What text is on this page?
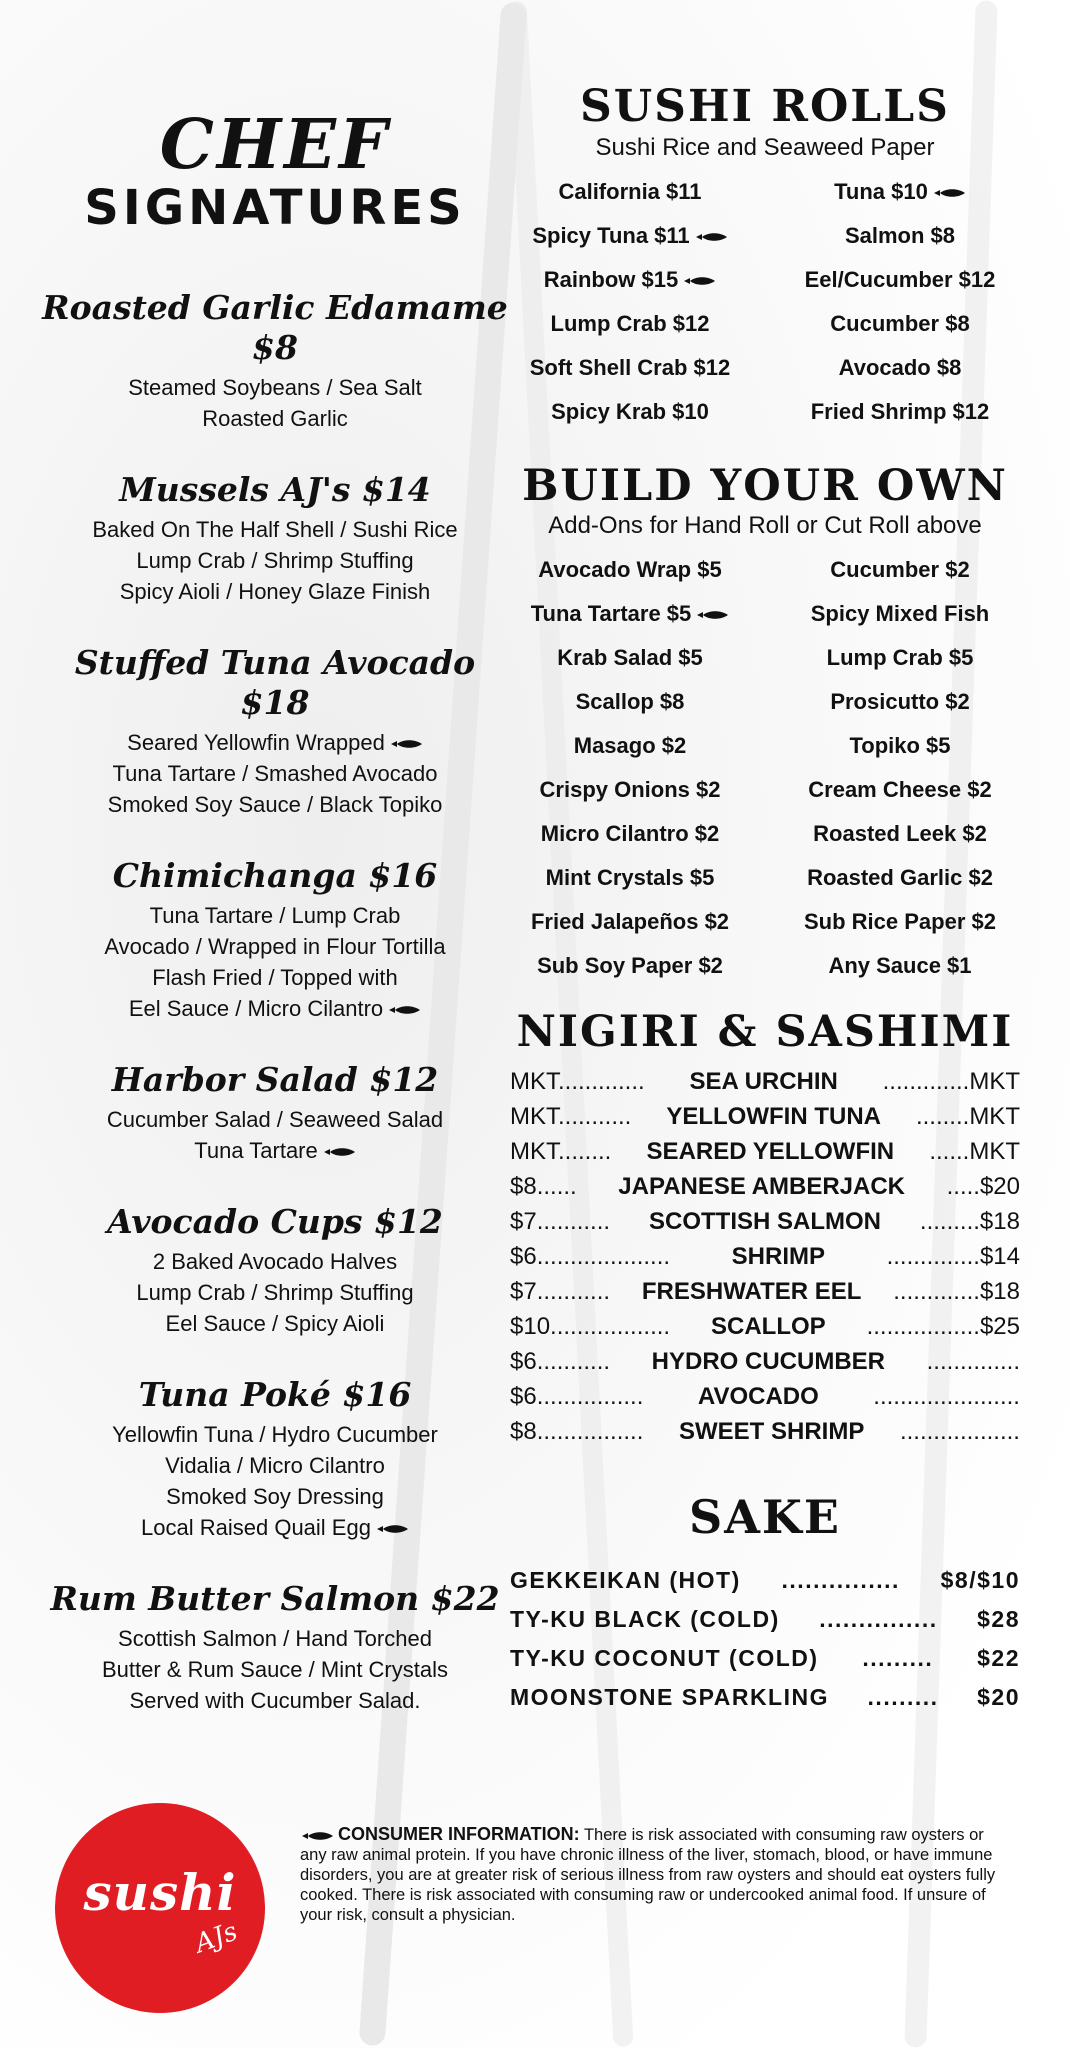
CHEF
SIGNATURES
Roasted Garlic Edamame $8
Steamed Soybeans / Sea Salt
Roasted Garlic
Mussels AJ's $14
Baked On The Half Shell / Sushi Rice
Lump Crab / Shrimp Stuffing
Spicy Aioli / Honey Glaze Finish
Stuffed Tuna Avocado $18
Seared Yellowfin Wrapped
Tuna Tartare / Smashed Avocado
Smoked Soy Sauce / Black Topiko
Chimichanga $16
Tuna Tartare / Lump Crab
Avocado / Wrapped in Flour Tortilla
Flash Fried / Topped with
Eel Sauce / Micro Cilantro
Harbor Salad $12
Cucumber Salad / Seaweed Salad
Tuna Tartare
Avocado Cups $12
2 Baked Avocado Halves
Lump Crab / Shrimp Stuffing
Eel Sauce / Spicy Aioli
Tuna Poké $16
Yellowfin Tuna / Hydro Cucumber
Vidalia / Micro Cilantro
Smoked Soy Dressing
Local Raised Quail Egg
Rum Butter Salmon $22
Scottish Salmon / Hand Torched
Butter & Rum Sauce / Mint Crystals
Served with Cucumber Salad.
SUSHI ROLLS
Sushi Rice and Seaweed Paper
California $11	Tuna $10
Spicy Tuna $11	Salmon $8
Rainbow $15	Eel/Cucumber $12
Lump Crab $12	Cucumber $8
Soft Shell Crab $12	Avocado $8
Spicy Krab $10	Fried Shrimp $12
BUILD YOUR OWN
Add-Ons for Hand Roll or Cut Roll above
Avocado Wrap $5	Cucumber $2
Tuna Tartare $5	Spicy Mixed Fish
Krab Salad $5	Lump Crab $5
Scallop $8	Prosicutto $2
Masago $2	Topiko $5
Crispy Onions $2	Cream Cheese $2
Micro Cilantro $2	Roasted Leek $2
Mint Crystals $5	Roasted Garlic $2
Fried Jalapeños $2	Sub Rice Paper $2
Sub Soy Paper $2	Any Sauce $1
NIGIRI & SASHIMI
MKT............. SEA URCHIN .............MKT
MKT........... YELLOWFIN TUNA ........MKT
MKT........ SEARED YELLOWFIN ......MKT
$8...... JAPANESE AMBERJACK .....$20
$7........... SCOTTISH SALMON .........$18
$6....................	SHRIMP	..............$14
$7........... FRESHWATER EEL .............$18
$10.................. SCALLOP .................$25
$6........... HYDRO CUCUMBER ..............
$6................ AVOCADO ......................
$8................ SWEET SHRIMP ..................
SAKE
GEKKEIKAN (HOT)	...............	$8/$10
TY-KU BLACK (COLD)	...............	$28
TY-KU COCONUT (COLD)	.........	$22
MOONSTONE SPARKLING	.........	$20
sushi
AJs
CONSUMER INFORMATION: There is risk associated with consuming raw oysters or any raw animal protein. If you have chronic illness of the liver, stomach, blood, or have immune disorders, you are at greater risk of serious illness from raw oysters and should eat oysters fully cooked. There is risk associated with consuming raw or undercooked animal food. If unsure of your risk, consult a physician.
